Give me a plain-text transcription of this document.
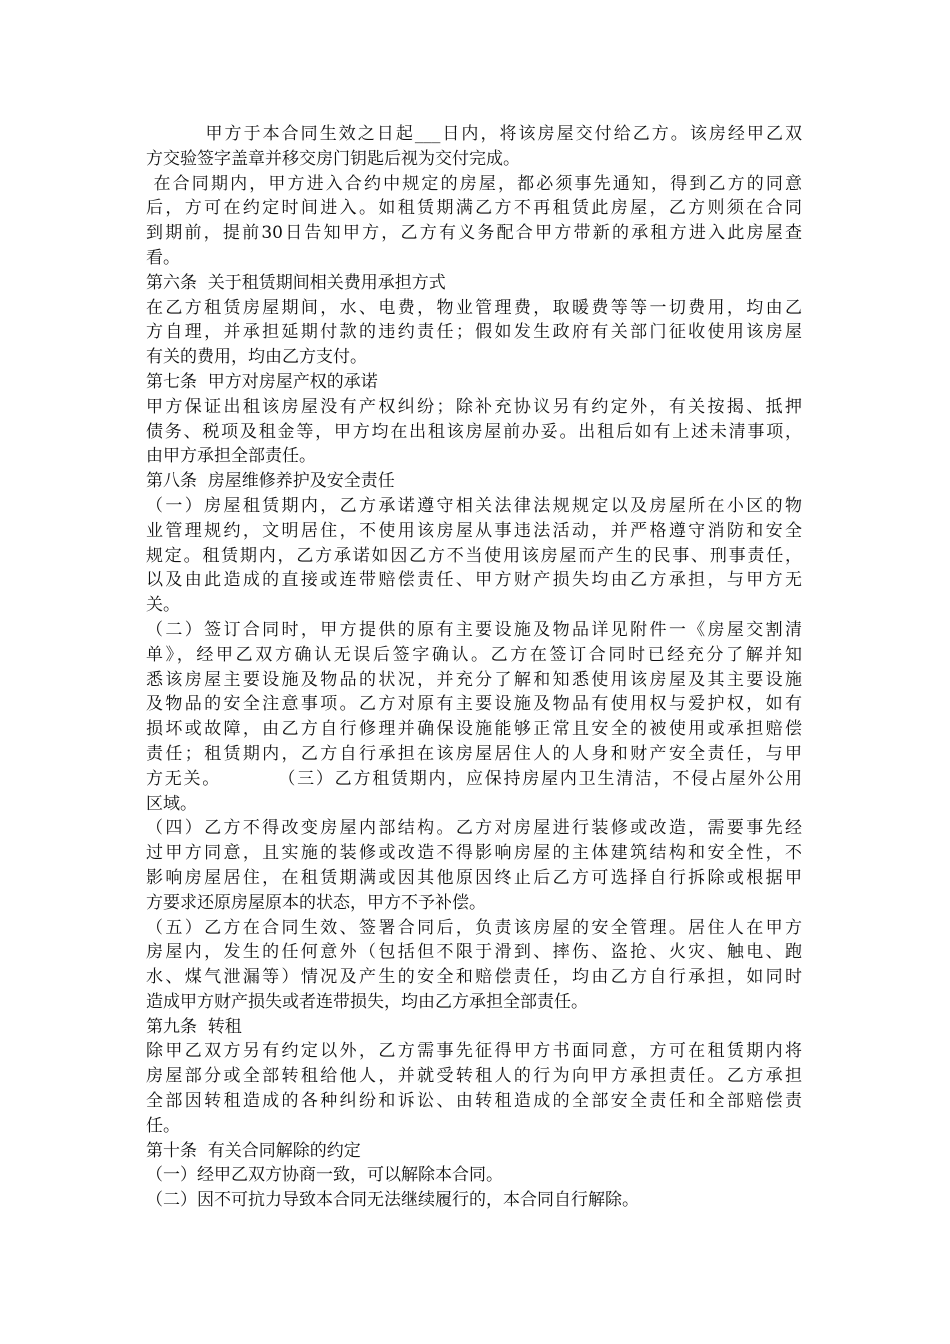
甲方于本合同生效之日起___日内，将该房屋交付给乙方。该房经甲乙双
方交验签字盖章并移交房门钥匙后视为交付完成。
在合同期内，甲方进入合约中规定的房屋，都必须事先通知，得到乙方的同意
后，方可在约定时间进入。如租赁期满乙方不再租赁此房屋，乙方则须在合同
到期前，提前30日告知甲方，乙方有义务配合甲方带新的承租方进入此房屋查
看。
第六条  关于租赁期间相关费用承担方式
在乙方租赁房屋期间，水、电费，物业管理费，取暖费等等一切费用，均由乙
方自理，并承担延期付款的违约责任；假如发生政府有关部门征收使用该房屋
有关的费用，均由乙方支付。
第七条  甲方对房屋产权的承诺
甲方保证出租该房屋没有产权纠纷；除补充协议另有约定外，有关按揭、抵押
债务、税项及租金等，甲方均在出租该房屋前办妥。出租后如有上述未清事项，
由甲方承担全部责任。
第八条  房屋维修养护及安全责任
（一）房屋租赁期内，乙方承诺遵守相关法律法规规定以及房屋所在小区的物
业管理规约，文明居住，不使用该房屋从事违法活动，并严格遵守消防和安全
规定。租赁期内，乙方承诺如因乙方不当使用该房屋而产生的民事、刑事责任，
以及由此造成的直接或连带赔偿责任、甲方财产损失均由乙方承担，与甲方无
关。
（二）签订合同时，甲方提供的原有主要设施及物品详见附件一《房屋交割清
单》，经甲乙双方确认无误后签字确认。乙方在签订合同时已经充分了解并知
悉该房屋主要设施及物品的状况，并充分了解和知悉使用该房屋及其主要设施
及物品的安全注意事项。乙方对原有主要设施及物品有使用权与爱护权，如有
损坏或故障，由乙方自行修理并确保设施能够正常且安全的被使用或承担赔偿
责任；租赁期内，乙方自行承担在该房屋居住人的人身和财产安全责任，与甲
方无关。        （三）乙方租赁期内，应保持房屋内卫生清洁，不侵占屋外公用
区域。
（四）乙方不得改变房屋内部结构。乙方对房屋进行装修或改造，需要事先经
过甲方同意，且实施的装修或改造不得影响房屋的主体建筑结构和安全性，不
影响房屋居住，在租赁期满或因其他原因终止后乙方可选择自行拆除或根据甲
方要求还原房屋原本的状态，甲方不予补偿。
（五）乙方在合同生效、签署合同后，负责该房屋的安全管理。居住人在甲方
房屋内，发生的任何意外（包括但不限于滑到、摔伤、盗抢、火灾、触电、跑
水、煤气泄漏等）情况及产生的安全和赔偿责任，均由乙方自行承担，如同时
造成甲方财产损失或者连带损失，均由乙方承担全部责任。
第九条  转租
除甲乙双方另有约定以外，乙方需事先征得甲方书面同意，方可在租赁期内将
房屋部分或全部转租给他人，并就受转租人的行为向甲方承担责任。乙方承担
全部因转租造成的各种纠纷和诉讼、由转租造成的全部安全责任和全部赔偿责
任。
第十条  有关合同解除的约定
（一）经甲乙双方协商一致，可以解除本合同。
（二）因不可抗力导致本合同无法继续履行的，本合同自行解除。
